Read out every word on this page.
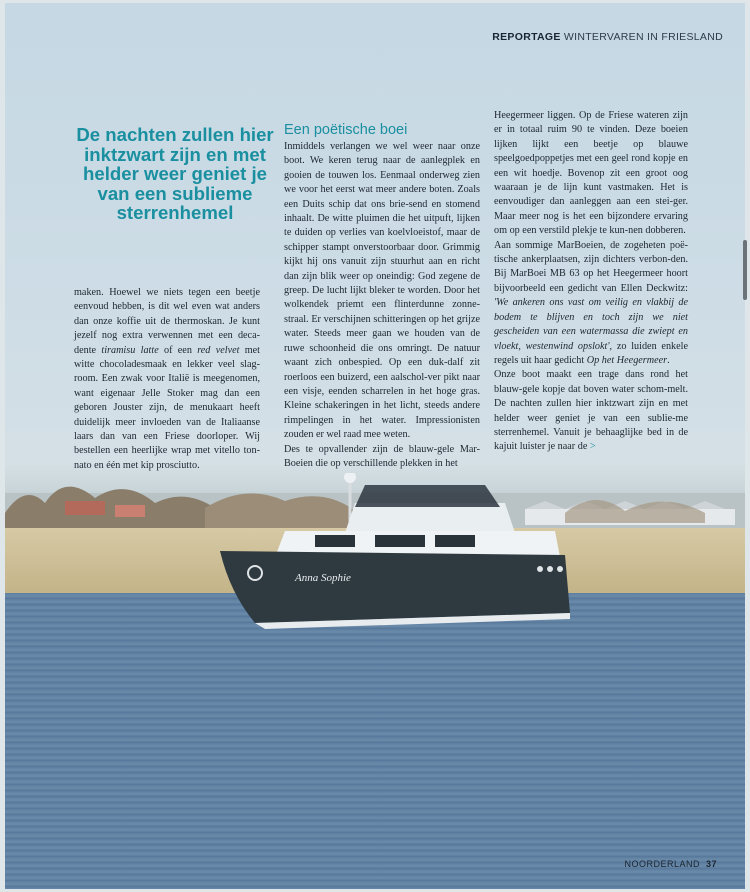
Anna Sophie
REPORTAGE WINTERVAREN IN FRIESLAND
De nachten zullen hier inktzwart zijn en met helder weer geniet je van een sublieme sterrenhemel

maken. Hoewel we niets tegen een beetje eenvoud hebben, is dit wel even wat anders dan onze koffie uit de thermoskan. Je kunt jezelf nog extra verwennen met een deca-dente tiramisu latte of een red velvet met witte chocoladesmaak en lekker veel slag-room. Een zwak voor Italië is meegenomen, want eigenaar Jelle Stoker mag dan een geboren Jouster zijn, de menukaart heeft duidelijk meer invloeden van de Italiaanse laars dan van een Friese doorloper. Wij bestellen een heerlijke wrap met vitello ton-nato en één met kip prosciutto.

Een poëtische boei

Inmiddels verlangen we wel weer naar onze boot. We keren terug naar de aanlegplek en gooien de touwen los. Eenmaal onderweg zien we voor het eerst wat meer andere boten. Zoals een Duits schip dat ons brie-send en stomend inhaalt. De witte pluimen die het uitpuft, lijken te duiden op verlies van koelvloeistof, maar de schipper stampt onverstoorbaar door. Grimmig kijkt hij ons vanuit zijn stuurhut aan en richt dan zijn blik weer op oneindig: God zegene de greep. De lucht lijkt bleker te worden. Door het wolkendek priemt een flinterdunne zonne-straal. Er verschijnen schitteringen op het grijze water. Steeds meer gaan we houden van de ruwe schoonheid die ons omringt. De natuur waant zich onbespied. Op een duk-dalf zit roerloos een buizerd, een aalschol-ver pikt naar een visje, eenden scharrelen in het hoge gras. Kleine schakeringen in het licht, steeds andere rimpelingen in het water. Impressionisten zouden er wel raad mee weten.

Des te opvallender zijn de blauw-gele Mar-Boeien die op verschillende plekken in het

Heegermeer liggen. Op de Friese wateren zijn er in totaal ruim 90 te vinden. Deze boeien lijken lijkt een beetje op blauwe speelgoedpoppetjes met een geel rond kopje en een wit hoedje. Bovenop zit een groot oog waaraan je de lijn kunt vastmaken. Het is eenvoudiger dan aanleggen aan een stei-ger. Maar meer nog is het een bijzondere ervaring om op een verstild plekje te kun-nen dobberen.

Aan sommige MarBoeien, de zogeheten poë-tische ankerplaatsen, zijn dichters verbon-den. Bij MarBoei MB 63 op het Heegermeer hoort bijvoorbeeld een gedicht van Ellen Deckwitz: 'We ankeren ons vast om veilig en vlakbij de bodem te blijven en toch zijn we niet gescheiden van een watermassa die zwiept en vloekt, westenwind opslokt', zo luiden enkele regels uit haar gedicht Op het Heegermeer.

Onze boot maakt een trage dans rond het blauw-gele kopje dat boven water schom-melt. De nachten zullen hier inktzwart zijn en met helder weer geniet je van een sublie-me sterrenhemel. Vanuit je behaaglijke bed in de kajuit luister je naar de >

NOORDERLAND 37
